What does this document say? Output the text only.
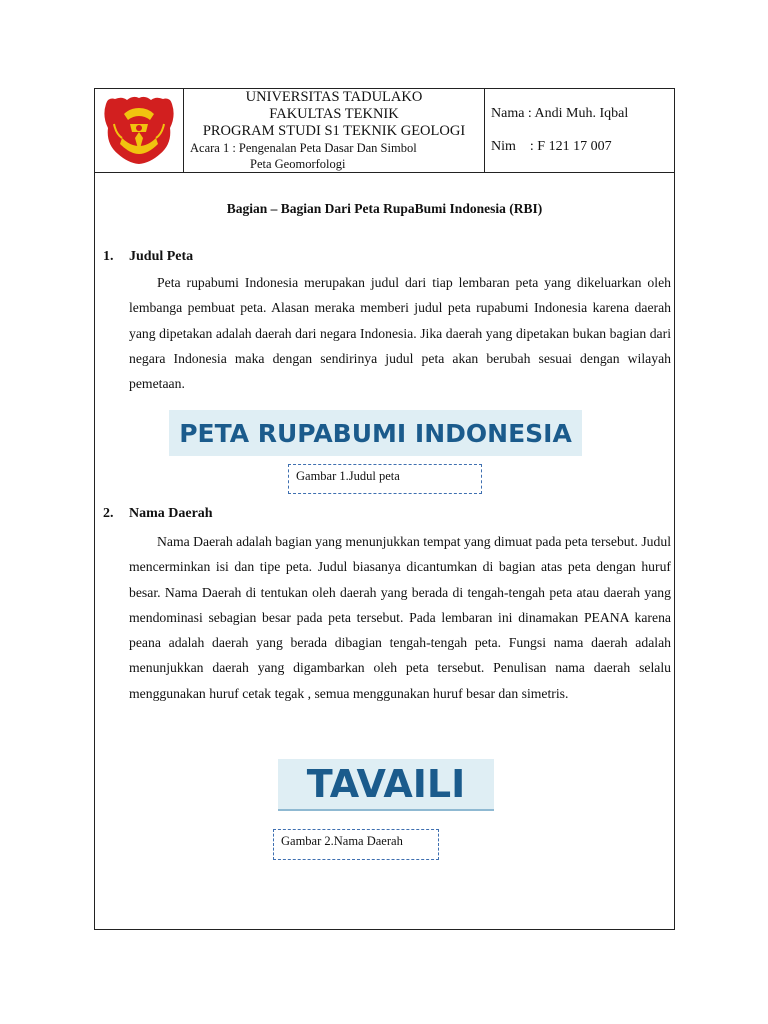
UNIVERSITAS TADULAKO
FAKULTAS TEKNIK
PROGRAM STUDI S1 TEKNIK GEOLOGI
Acara 1 : Pengenalan Peta Dasar Dan Simbol
Peta Geomorfologi
Nama : Andi Muh. Iqbal
Nim    : F 121 17 007
Bagian – Bagian Dari Peta RupaBumi Indonesia (RBI)
1. Judul Peta

Peta rupabumi Indonesia merupakan judul dari tiap lembaran peta yang dikeluarkan oleh lembanga pembuat peta. Alasan meraka memberi judul peta rupabumi Indonesia karena daerah yang dipetakan adalah daerah dari negara Indonesia. Jika daerah yang dipetakan bukan bagian dari negara Indonesia maka dengan sendirinya judul peta akan berubah sesuai dengan wilayah pemetaan.

PETA RUPABUMI INDONESIA
Gambar 1.Judul peta
2. Nama Daerah

Nama Daerah adalah bagian yang menunjukkan tempat yang dimuat pada peta tersebut. Judul mencerminkan isi dan tipe peta. Judul biasanya dicantumkan di bagian atas peta dengan huruf besar. Nama Daerah di tentukan oleh daerah yang berada di tengah-tengah peta atau daerah yang mendominasi sebagian besar pada peta tersebut. Pada lembaran ini dinamakan PEANA karena peana adalah daerah yang berada dibagian tengah-tengah peta. Fungsi nama daerah adalah menunjukkan daerah yang digambarkan oleh peta tersebut. Penulisan nama daerah selalu menggunakan huruf cetak tegak , semua menggunakan huruf besar dan simetris.

TAVAILI
Gambar 2.Nama Daerah
